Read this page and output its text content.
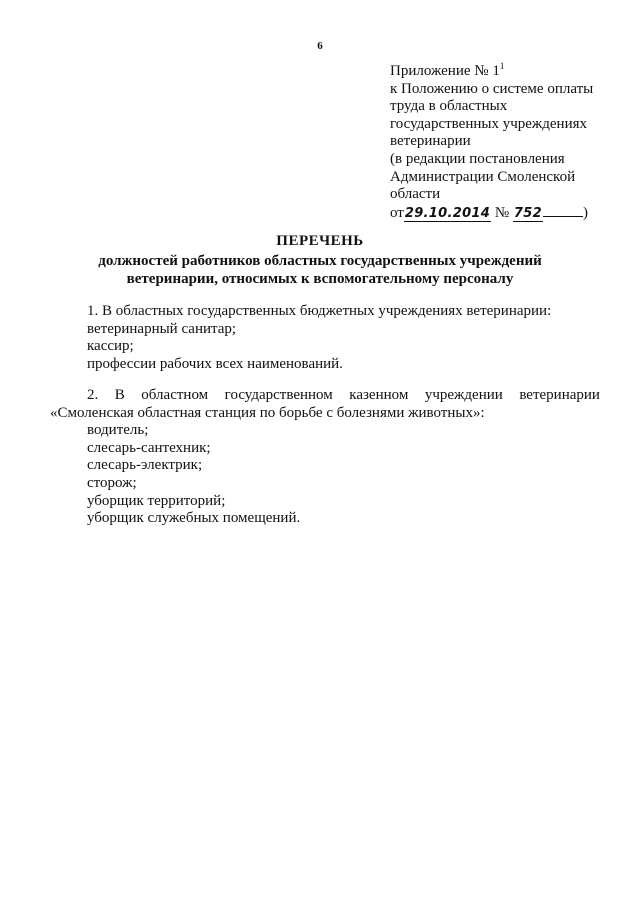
6
Приложение № $1^1$
к Положению о системе оплаты
труда в областных
государственных учреждениях
ветеринарии
(в редакции постановления
Администрации Смоленской
области
от29.10.2014 № 752	)
ПЕРЕЧЕНЬ
должностей работников областных государственных учреждений
ветеринарии, относимых к вспомогательному персоналу
1. В областных государственных бюджетных учреждениях ветеринарии:
ветеринарный санитар;
кассир;
профессии рабочих всех наименований.
2. В областном государственном казенном учреждении ветеринарии
«Смоленская областная станция по борьбе с болезнями животных»:
водитель;
слесарь-сантехник;
слесарь-электрик;
сторож;
уборщик территорий;
уборщик служебных помещений.
